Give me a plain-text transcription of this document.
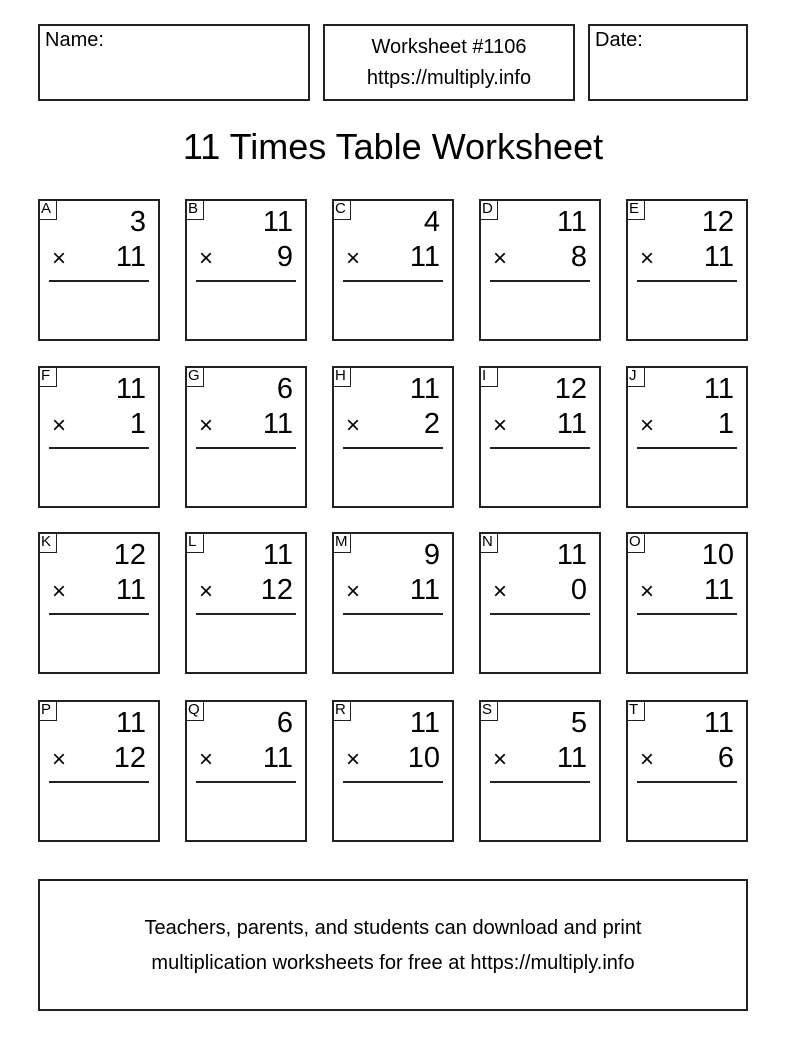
Name:	Worksheet #1106
https://multiply.info
Date:
11 Times Table Worksheet
A	3
× 11
B 11
× 9
C	4
× 11
D 11
× 8
E 12
× 11
F 11
× 1
G	6
× 11
H 11
× 2
I	12
× 11
J 11
× 1
K 12
× 11
L 11
× 12
M	9
× 11
N 11
× 0
O 10
× 11
P 11
× 12
Q	6
× 11
R 11
× 10
S	5
× 11
T 11
× 6
Teachers, parents, and students can download and print
multiplication worksheets for free at https://multiply.info
